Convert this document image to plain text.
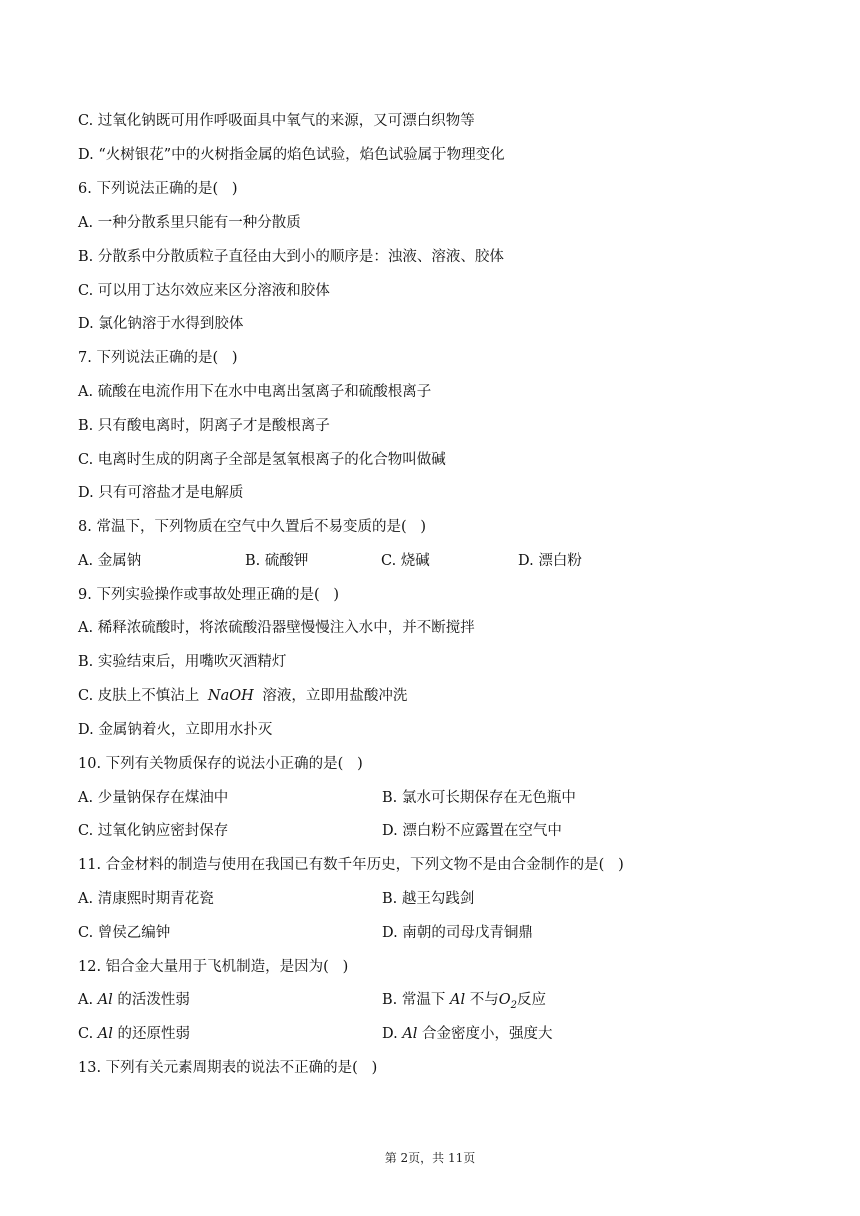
C. 过氧化钠既可用作呼吸面具中氧气的来源，又可漂白织物等
D. “火树银花”中的火树指金属的焰色试验，焰色试验属于物理变化
6. 下列说法正确的是(   )
A. 一种分散系里只能有一种分散质
B. 分散系中分散质粒子直径由大到小的顺序是：浊液、溶液、胶体
C. 可以用丁达尔效应来区分溶液和胶体
D. 氯化钠溶于水得到胶体
7. 下列说法正确的是(   )
A. 硫酸在电流作用下在水中电离出氢离子和硫酸根离子
B. 只有酸电离时，阴离子才是酸根离子
C. 电离时生成的阴离子全部是氢氧根离子的化合物叫做碱
D. 只有可溶盐才是电解质
8. 常温下，下列物质在空气中久置后不易变质的是(   )
A. 金属钠	B. 硫酸钾	C. 烧碱	D. 漂白粉
9. 下列实验操作或事故处理正确的是(   )
A. 稀释浓硫酸时，将浓硫酸沿器壁慢慢注入水中，并不断搅拌
B. 实验结束后，用嘴吹灭酒精灯
C. 皮肤上不慎沾上 NaOH 溶液，立即用盐酸冲洗
D. 金属钠着火，立即用水扑灭
10. 下列有关物质保存的说法小正确的是(   )
A. 少量钠保存在煤油中	B. 氯水可长期保存在无色瓶中
C. 过氧化钠应密封保存	D. 漂白粉不应露置在空气中
11. 合金材料的制造与使用在我国已有数千年历史，下列文物不是由合金制作的是(   )
A. 清康熙时期青花瓷	B. 越王勾践剑
C. 曾侯乙编钟	D. 南朝的司母戊青铜鼎
12. 铝合金大量用于飞机制造，是因为(   )
A. Al 的活泼性弱	B. 常温下 Al 不与$O_2$反应
C. Al 的还原性弱	D. Al 合金密度小，强度大
13. 下列有关元素周期表的说法不正确的是(   )
第 2页，共 11页
